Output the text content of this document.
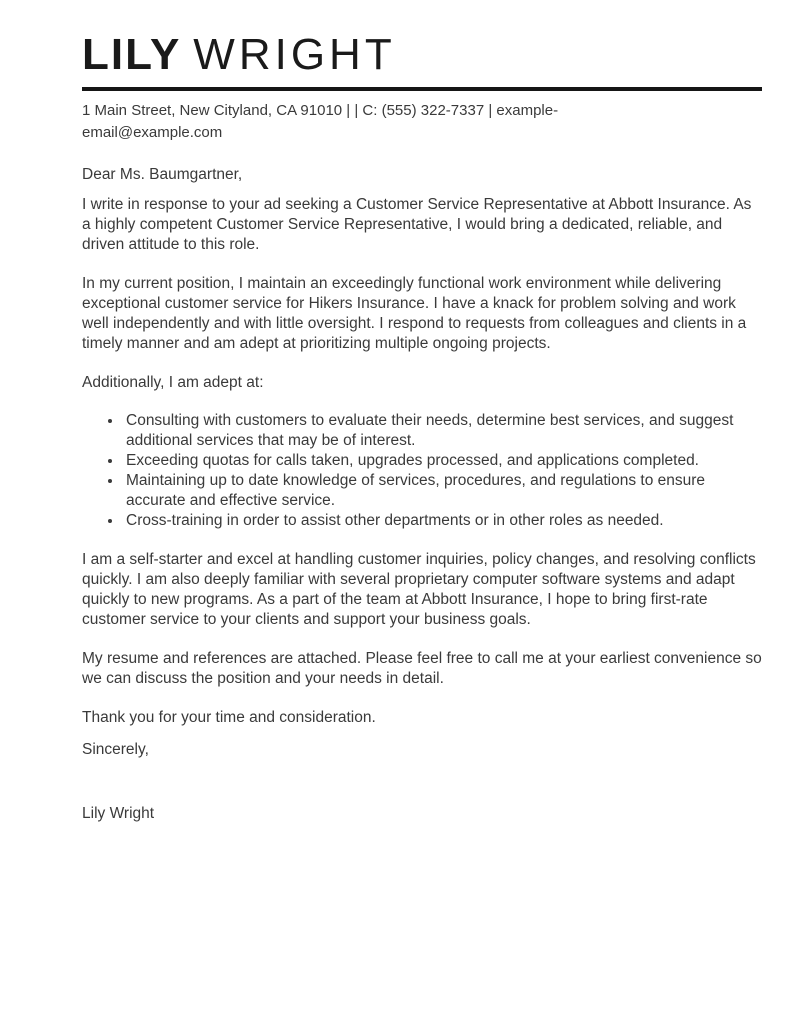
LILY WRIGHT
1 Main Street, New Cityland, CA 91010 | | C: (555) 322-7337 | example-
email@example.com

Dear Ms. Baumgartner,

I write in response to your ad seeking a Customer Service Representative at Abbott Insurance. As a highly competent Customer Service Representative, I would bring a dedicated, reliable, and driven attitude to this role.

In my current position, I maintain an exceedingly functional work environment while delivering exceptional customer service for Hikers Insurance. I have a knack for problem solving and work well independently and with little oversight. I respond to requests from colleagues and clients in a timely manner and am adept at prioritizing multiple ongoing projects.

Additionally, I am adept at:

• Consulting with customers to evaluate their needs, determine best services, and suggest additional services that may be of interest.
• Exceeding quotas for calls taken, upgrades processed, and applications completed.
• Maintaining up to date knowledge of services, procedures, and regulations to ensure accurate and effective service.
• Cross-training in order to assist other departments or in other roles as needed.

I am a self-starter and excel at handling customer inquiries, policy changes, and resolving conflicts quickly. I am also deeply familiar with several proprietary computer software systems and adapt quickly to new programs. As a part of the team at Abbott Insurance, I hope to bring first-rate customer service to your clients and support your business goals.

My resume and references are attached. Please feel free to call me at your earliest convenience so we can discuss the position and your needs in detail.

Thank you for your time and consideration.

Sincerely,

Lily Wright
